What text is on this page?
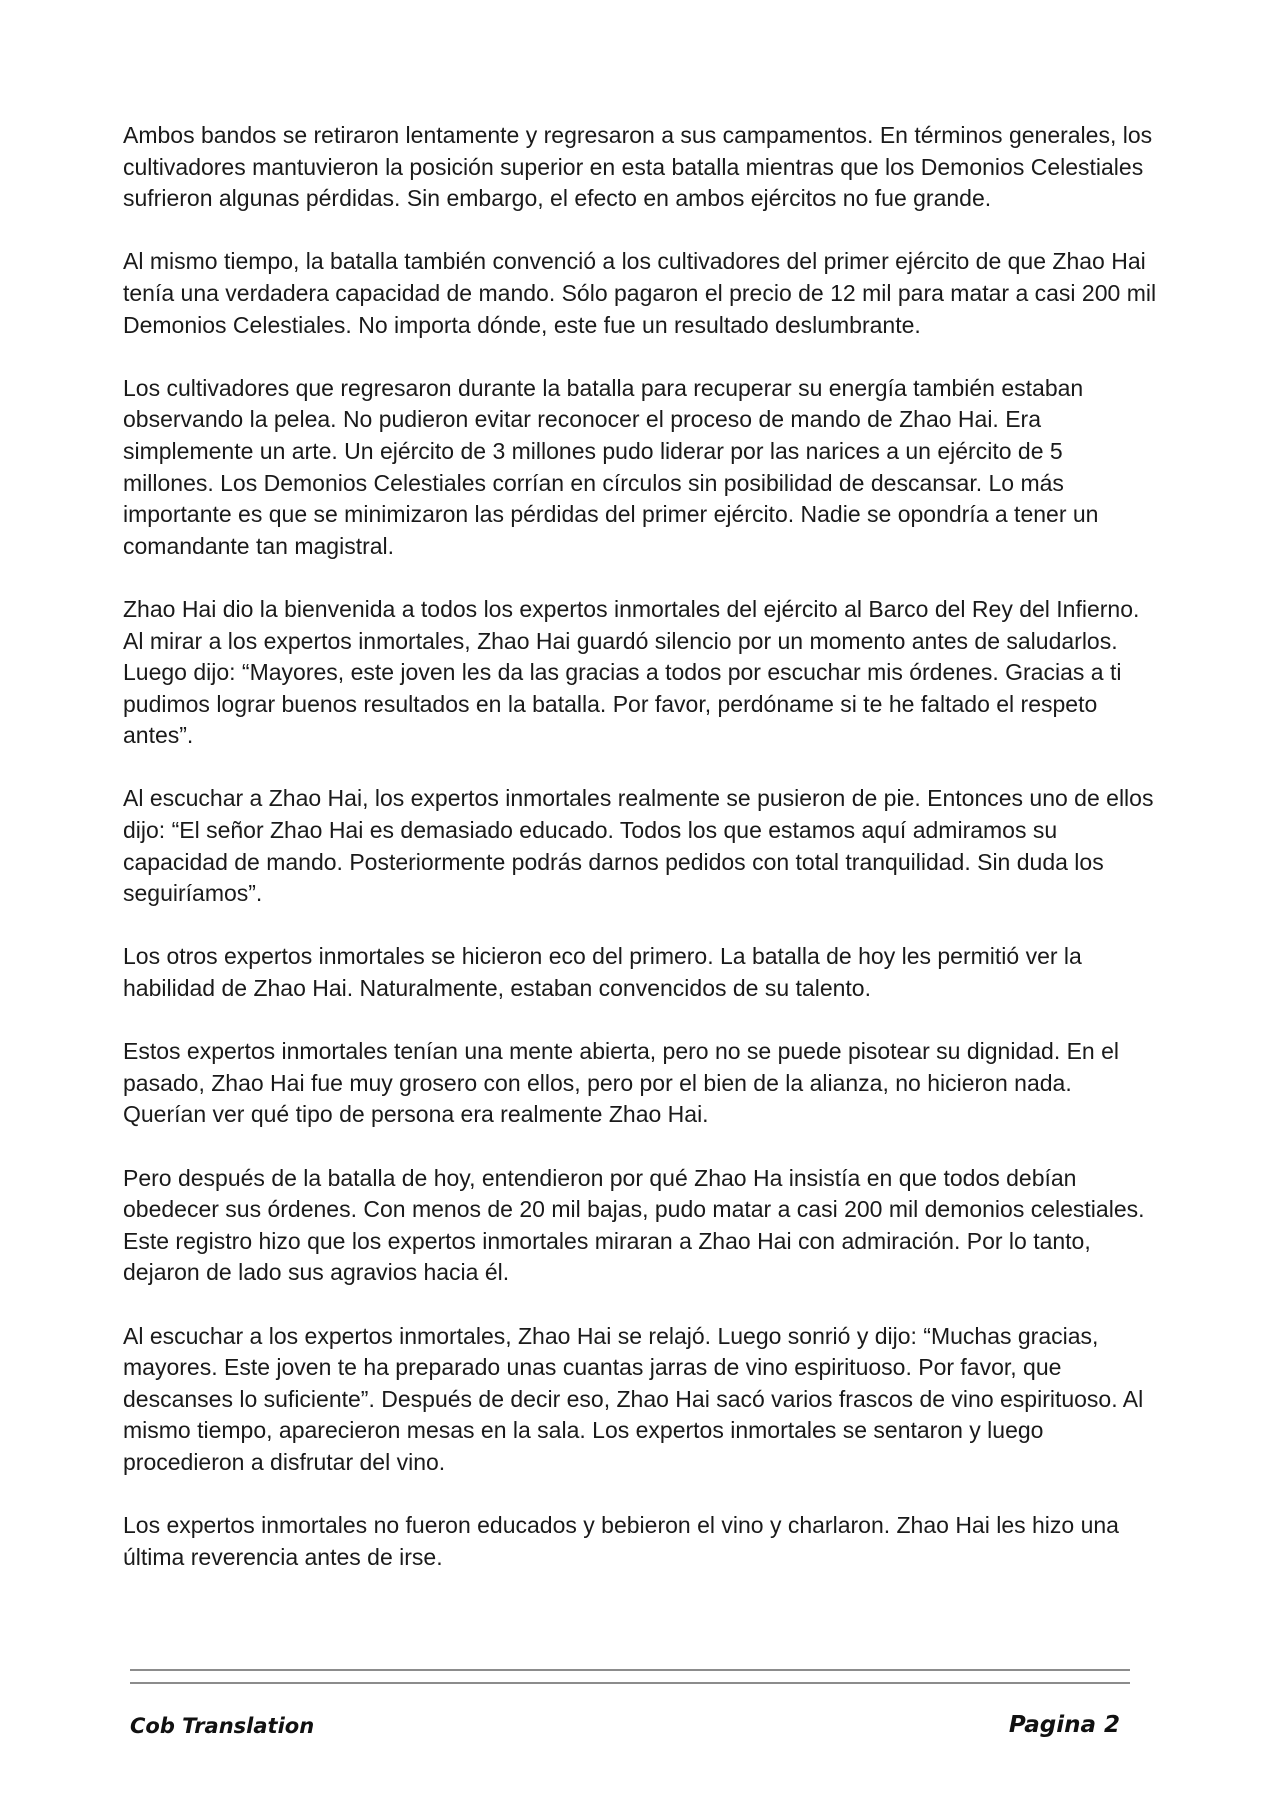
Ambos bandos se retiraron lentamente y regresaron a sus campamentos. En términos generales, los cultivadores mantuvieron la posición superior en esta batalla mientras que los Demonios Celestiales sufrieron algunas pérdidas. Sin embargo, el efecto en ambos ejércitos no fue grande.

Al mismo tiempo, la batalla también convenció a los cultivadores del primer ejército de que Zhao Hai tenía una verdadera capacidad de mando. Sólo pagaron el precio de 12 mil para matar a casi 200 mil Demonios Celestiales. No importa dónde, este fue un resultado deslumbrante.

Los cultivadores que regresaron durante la batalla para recuperar su energía también estaban observando la pelea. No pudieron evitar reconocer el proceso de mando de Zhao Hai. Era simplemente un arte. Un ejército de 3 millones pudo liderar por las narices a un ejército de 5 millones. Los Demonios Celestiales corrían en círculos sin posibilidad de descansar. Lo más importante es que se minimizaron las pérdidas del primer ejército. Nadie se opondría a tener un comandante tan magistral.

Zhao Hai dio la bienvenida a todos los expertos inmortales del ejército al Barco del Rey del Infierno. Al mirar a los expertos inmortales, Zhao Hai guardó silencio por un momento antes de saludarlos. Luego dijo: “Mayores, este joven les da las gracias a todos por escuchar mis órdenes. Gracias a ti pudimos lograr buenos resultados en la batalla. Por favor, perdóname si te he faltado el respeto antes”.

Al escuchar a Zhao Hai, los expertos inmortales realmente se pusieron de pie. Entonces uno de ellos dijo: “El señor Zhao Hai es demasiado educado. Todos los que estamos aquí admiramos su capacidad de mando. Posteriormente podrás darnos pedidos con total tranquilidad. Sin duda los seguiríamos”.

Los otros expertos inmortales se hicieron eco del primero. La batalla de hoy les permitió ver la habilidad de Zhao Hai. Naturalmente, estaban convencidos de su talento.

Estos expertos inmortales tenían una mente abierta, pero no se puede pisotear su dignidad. En el pasado, Zhao Hai fue muy grosero con ellos, pero por el bien de la alianza, no hicieron nada. Querían ver qué tipo de persona era realmente Zhao Hai.

Pero después de la batalla de hoy, entendieron por qué Zhao Ha insistía en que todos debían obedecer sus órdenes. Con menos de 20 mil bajas, pudo matar a casi 200 mil demonios celestiales. Este registro hizo que los expertos inmortales miraran a Zhao Hai con admiración. Por lo tanto, dejaron de lado sus agravios hacia él.

Al escuchar a los expertos inmortales, Zhao Hai se relajó. Luego sonrió y dijo: “Muchas gracias, mayores. Este joven te ha preparado unas cuantas jarras de vino espirituoso. Por favor, que descanses lo suficiente”. Después de decir eso, Zhao Hai sacó varios frascos de vino espirituoso. Al mismo tiempo, aparecieron mesas en la sala. Los expertos inmortales se sentaron y luego procedieron a disfrutar del vino.

Los expertos inmortales no fueron educados y bebieron el vino y charlaron. Zhao Hai les hizo una última reverencia antes de irse.

Cob Translation	Pagina 2
